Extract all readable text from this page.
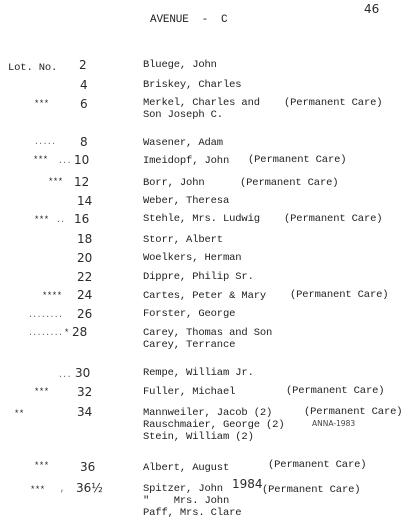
46
AVENUE  -  C
Lot. No. 2	Bluege, John
4	Briskey, Charles
***	6	Merkel, Charles and (Permanent Care)
Son Joseph C.
..... 8	Wasener, Adam
*** ... 10	Imeidopf, John (Permanent Care)
*** 12	Borr, John	(Permanent Care)
14	Weber, Theresa
*** .. 16	Stehle, Mrs. Ludwig (Permanent Care)
18	Storr, Albert
20	Woelkers, Herman
22	Dippre, Philip Sr.
**** 24	Cartes, Peter & Mary (Permanent Care)
........ 26	Forster, George
........ * 28	Carey, Thomas and Son
Carey, Terrance
... 30	Rempe, William Jr.
*** 32	Fuller, Michael	(Permanent Care)
**	34	Mannweiler, Jacob (2)	(Permanent Care)
Rauschmaier, George (2)	ANNA-1983
Stein, William (2)
***	36	Albert, August	(Permanent Care)
*** , 36½	Spitzer, John 1984 (Permanent Care)
"    Mrs. John
Paff, Mrs. Clare
